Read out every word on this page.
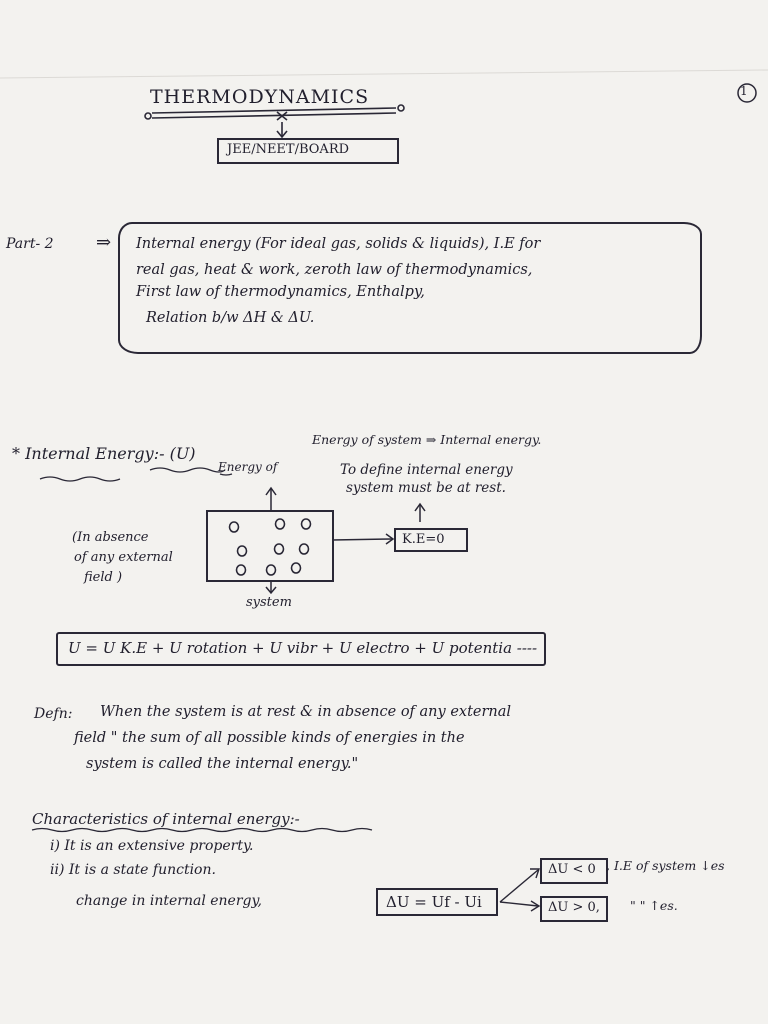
THERMODYNAMICS	1
JEE/NEET/BOARD
Part- 2 ⇒ Internal energy (For ideal gas, solids & liquids), I.E for
real gas, heat & work, zeroth law of thermodynamics,
First law of thermodynamics, Enthalpy,
Relation b/w ΔH & ΔU.
* Internal Energy:- (U)
Energy of system ⇒ Internal energy.
Energy of	To define internal energy
system must be at rest.
(In absence
of any external
field )
K.E=0
system
U = U K.E + U rotation + U vibr + U electro + U potentia ----
Defn: When the system is at rest & in absence of any external
field " the sum of all possible kinds of energies in the
system is called the internal energy."
Characteristics of internal energy:-
i) It is an extensive property.
ii) It is a state function.
change in internal energy,	ΔU = Uf - Ui
ΔU < 0 , I.E of system ↓es
ΔU > 0, " " ↑es.
